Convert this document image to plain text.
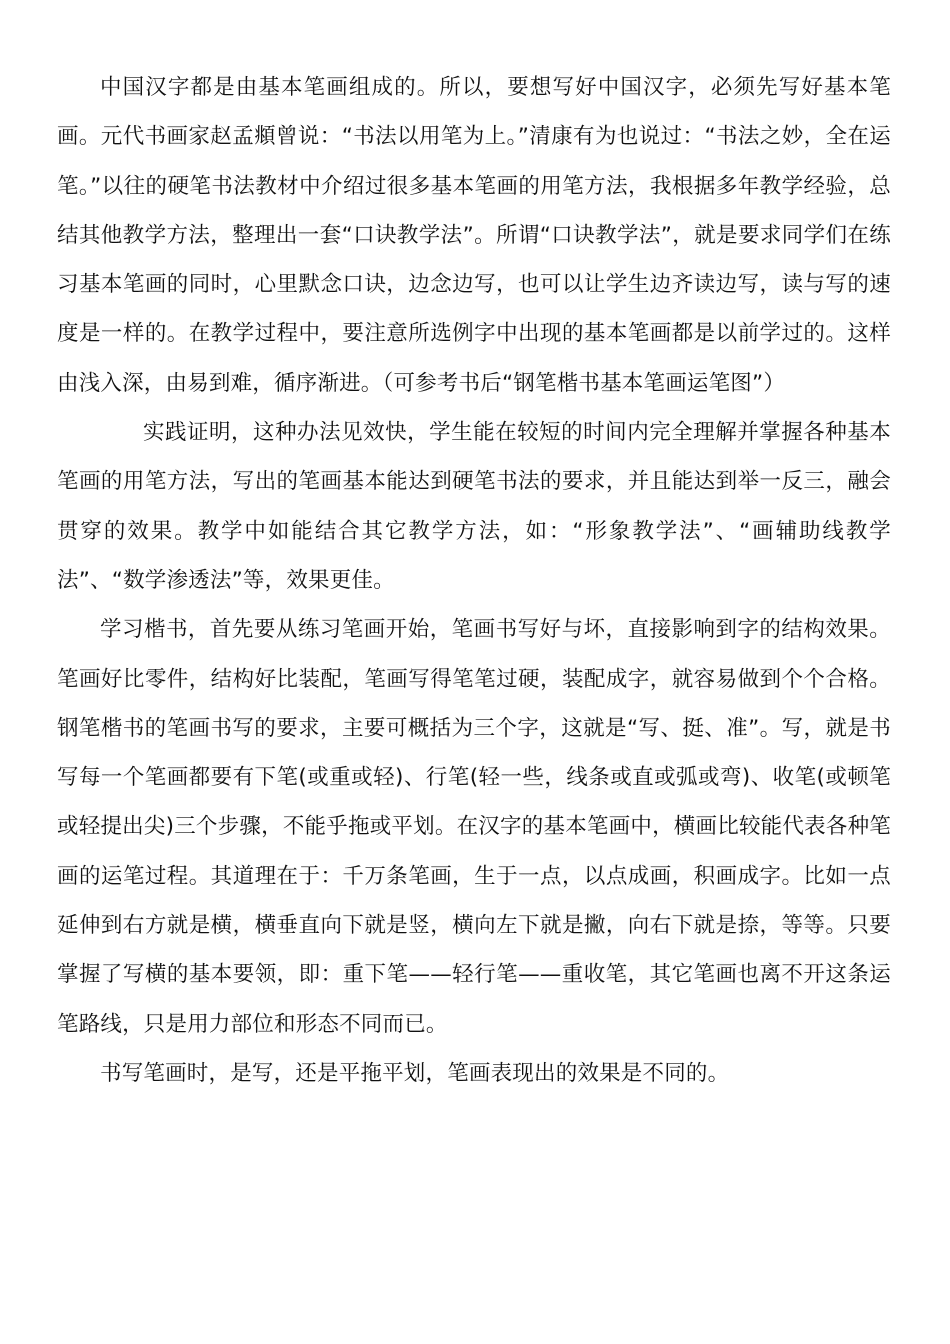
中国汉字都是由基本笔画组成的。所以，要想写好中国汉字，必须先写好基本笔画。元代书画家赵孟頫曾说：“书法以用笔为上。”清康有为也说过：“书法之妙，全在运笔。”以往的硬笔书法教材中介绍过很多基本笔画的用笔方法，我根据多年教学经验，总结其他教学方法，整理出一套“口诀教学法”。所谓“口诀教学法”，就是要求同学们在练习基本笔画的同时，心里默念口诀，边念边写，也可以让学生边齐读边写，读与写的速度是一样的。在教学过程中，要注意所选例字中出现的基本笔画都是以前学过的。这样由浅入深，由易到难，循序渐进。（可参考书后“钢笔楷书基本笔画运笔图”）

实践证明，这种办法见效快，学生能在较短的时间内完全理解并掌握各种基本笔画的用笔方法，写出的笔画基本能达到硬笔书法的要求，并且能达到举一反三，融会贯穿的效果。教学中如能结合其它教学方法，如：“形象教学法”、“画辅助线教学法”、“数学渗透法”等，效果更佳。

学习楷书，首先要从练习笔画开始，笔画书写好与坏，直接影响到字的结构效果。笔画好比零件，结构好比装配，笔画写得笔笔过硬，装配成字，就容易做到个个合格。钢笔楷书的笔画书写的要求，主要可概括为三个字，这就是“写、挺、准”。写，就是书写每一个笔画都要有下笔(或重或轻)、行笔(轻一些，线条或直或弧或弯)、收笔(或顿笔或轻提出尖)三个步骤，不能乎拖或平划。在汉字的基本笔画中，横画比较能代表各种笔画的运笔过程。其道理在于：千万条笔画，生于一点，以点成画，积画成字。比如一点延伸到右方就是横，横垂直向下就是竖，横向左下就是撇，向右下就是捺，等等。只要掌握了写横的基本要领，即：重下笔——轻行笔——重收笔，其它笔画也离不开这条运笔路线，只是用力部位和形态不同而已。

书写笔画时，是写，还是平拖平划，笔画表现出的效果是不同的。
